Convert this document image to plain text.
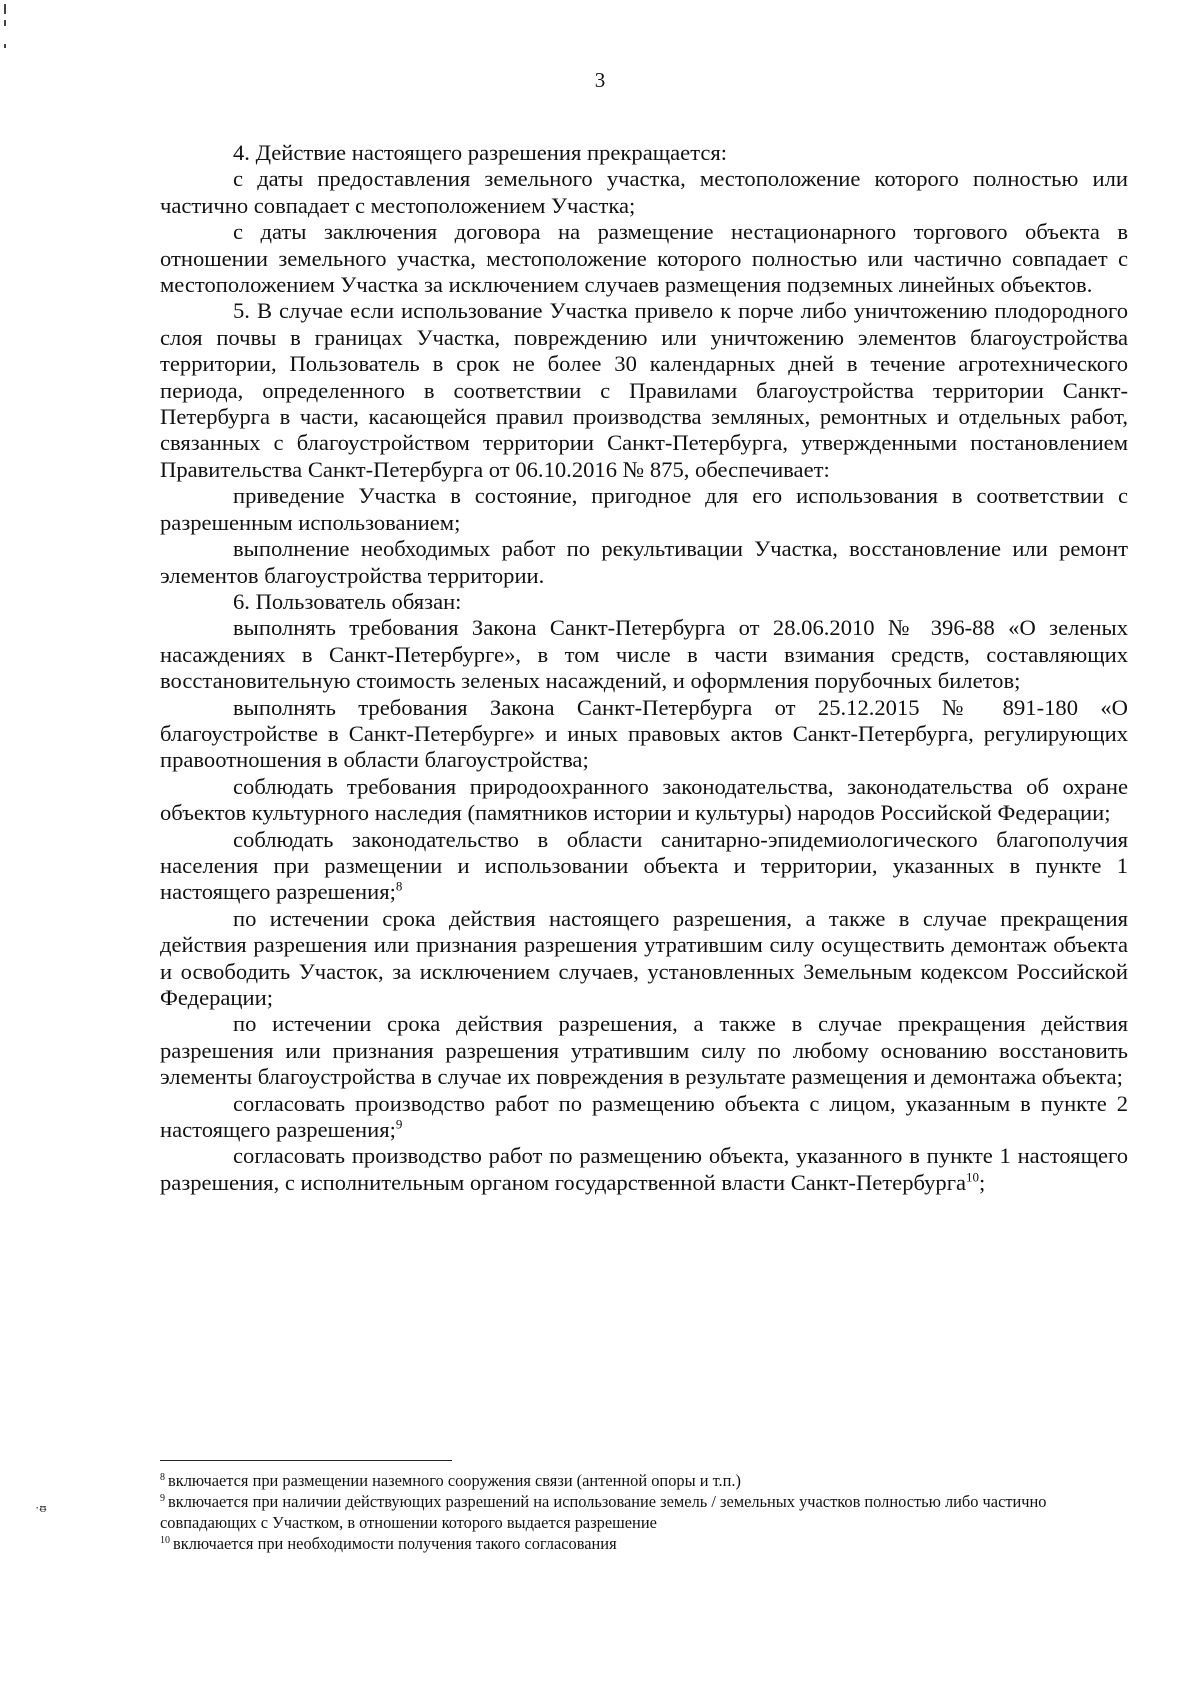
3

4. Действие настоящего разрешения прекращается:

с даты предоставления земельного участка, местоположение которого полностью или частично совпадает с местоположением Участка;

с даты заключения договора на размещение нестационарного торгового объекта в отношении земельного участка, местоположение которого полностью или частично совпадает с местоположением Участка за исключением случаев размещения подземных линейных объектов.

5. В случае если использование Участка привело к порче либо уничтожению плодородного слоя почвы в границах Участка, повреждению или уничтожению элементов благоустройства территории, Пользователь в срок не более 30 календарных дней в течение агротехнического периода, определенного в соответствии с Правилами благоустройства территории Санкт-Петербурга в части, касающейся правил производства земляных, ремонтных и отдельных работ, связанных с благоустройством территории Санкт-Петербурга, утвержденными постановлением Правительства Санкт-Петербурга от 06.10.2016 № 875, обеспечивает:

приведение Участка в состояние, пригодное для его использования в соответствии с разрешенным использованием;

выполнение необходимых работ по рекультивации Участка, восстановление или ремонт элементов благоустройства территории.

6. Пользователь обязан:

выполнять требования Закона Санкт-Петербурга от 28.06.2010 № 396-88 «О зеленых насаждениях в Санкт-Петербурге», в том числе в части взимания средств, составляющих восстановительную стоимость зеленых насаждений, и оформления порубочных билетов;

выполнять требования Закона Санкт-Петербурга от 25.12.2015 № 891-180 «О благоустройстве в Санкт-Петербурге» и иных правовых актов Санкт-Петербурга, регулирующих правоотношения в области благоустройства;

соблюдать требования природоохранного законодательства, законодательства об охране объектов культурного наследия (памятников истории и культуры) народов Российской Федерации;

соблюдать законодательство в области санитарно-эпидемиологического благополучия населения при размещении и использовании объекта и территории, указанных в пункте 1 настоящего разрешения;$^8$

по истечении срока действия настоящего разрешения, а также в случае прекращения действия разрешения или признания разрешения утратившим силу осуществить демонтаж объекта и освободить Участок, за исключением случаев, установленных Земельным кодексом Российской Федерации;

по истечении срока действия разрешения, а также в случае прекращения действия разрешения или признания разрешения утратившим силу по любому основанию восстановить элементы благоустройства в случае их повреждения в результате размещения и демонтажа объекта;

согласовать производство работ по размещению объекта с лицом, указанным в пункте 2 настоящего разрешения;$^9$

согласовать производство работ по размещению объекта, указанного в пункте 1 настоящего разрешения, с исполнительным органом государственной власти Санкт-Петербурга$^{10}$;

$^8$ включается при размещении наземного сооружения связи (антенной опоры и т.п.)

$^9$ включается при наличии действующих разрешений на использование земель / земельных участков полностью либо частично совпадающих с Участком, в отношении которого выдается разрешение

$^{10}$ включается при необходимости получения такого согласования

·ᵿ
